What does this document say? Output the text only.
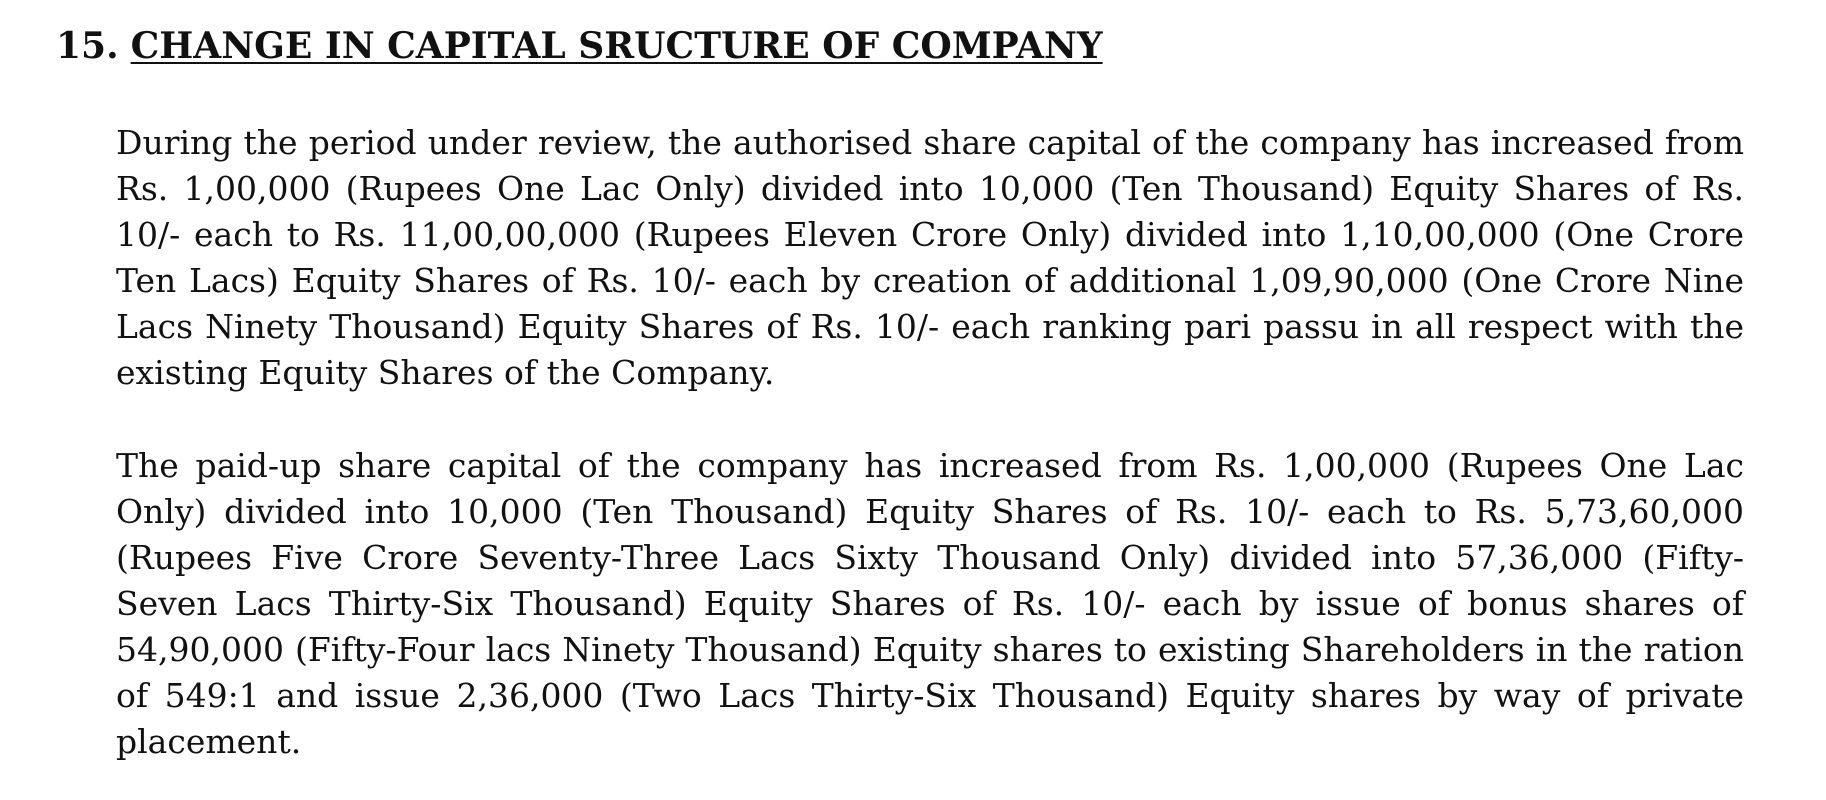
15. CHANGE IN CAPITAL SRUCTURE OF COMPANY

During the period under review, the authorised share capital of the company has increased from Rs. 1,00,000 (Rupees One Lac Only) divided into 10,000 (Ten Thousand) Equity Shares of Rs. 10/- each to Rs. 11,00,00,000 (Rupees Eleven Crore Only) divided into 1,10,00,000 (One Crore Ten Lacs) Equity Shares of Rs. 10/- each by creation of additional 1,09,90,000 (One Crore Nine Lacs Ninety Thousand) Equity Shares of Rs. 10/- each ranking pari passu in all respect with the existing Equity Shares of the Company.

The paid-up share capital of the company has increased from Rs. 1,00,000 (Rupees One Lac Only) divided into 10,000 (Ten Thousand) Equity Shares of Rs. 10/- each to Rs. 5,73,60,000 (Rupees Five Crore Seventy-Three Lacs Sixty Thousand Only) divided into 57,36,000 (Fifty-Seven Lacs Thirty-Six Thousand) Equity Shares of Rs. 10/- each by issue of bonus shares of 54,90,000 (Fifty-Four lacs Ninety Thousand) Equity shares to existing Shareholders in the ration of 549:1 and issue 2,36,000 (Two Lacs Thirty-Six Thousand) Equity shares by way of private placement.
